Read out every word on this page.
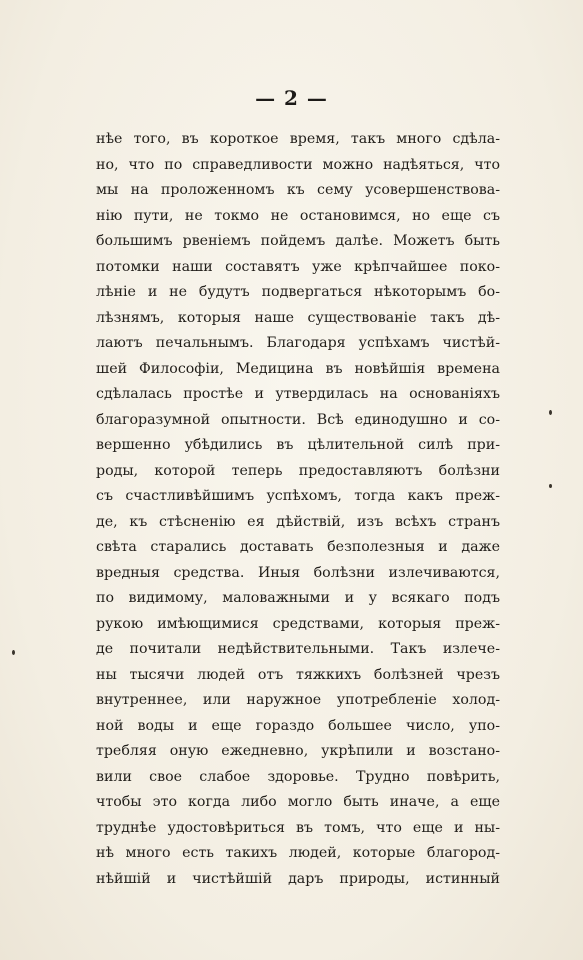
— 2 —
нѣе того, въ короткое время, такъ много сдѣла-
но, что по справедливости можно надѣяться, что
мы на проложенномъ къ сему усовершенствова-
нію пути, не токмо не остановимся, но еще съ
большимъ рвеніемъ пойдемъ далѣе. Можетъ быть
потомки наши составятъ уже крѣпчайшее поко-
лѣніе и не будутъ подвергаться нѣкоторымъ бо-
лѣзнямъ, которыя наше существованіе такъ дѣ-
лаютъ печальнымъ. Благодаря успѣхамъ чистѣй-
шей Философіи, Медицина въ новѣйшія времена
сдѣлалась простѣе и утвердилась на основаніяхъ
благоразумной опытности. Всѣ единодушно и со-
вершенно убѣдились въ цѣлительной силѣ при-
роды, которой теперь предоставляютъ болѣзни
съ счастливѣйшимъ успѣхомъ, тогда какъ преж-
де, къ стѣсненію ея дѣйствій, изъ всѣхъ странъ
свѣта старались доставать безполезныя и даже
вредныя средства. Иныя болѣзни излечиваются,
по видимому, маловажными и у всякаго подъ
рукою имѣющимися средствами, которыя преж-
де почитали недѣйствительными. Такъ излече-
ны тысячи людей отъ тяжкихъ болѣзней чрезъ
внутреннее, или наружное употребленіе холод-
ной воды и еще гораздо большее число, упо-
требляя оную ежедневно, укрѣпили и возстано-
вили свое слабое здоровье. Трудно повѣрить,
чтобы это когда либо могло быть иначе, а еще
труднѣе удостовѣриться въ томъ, что еще и ны-
нѣ много есть такихъ людей, которые благород-
нѣйшій и чистѣйшій даръ природы, истинный
